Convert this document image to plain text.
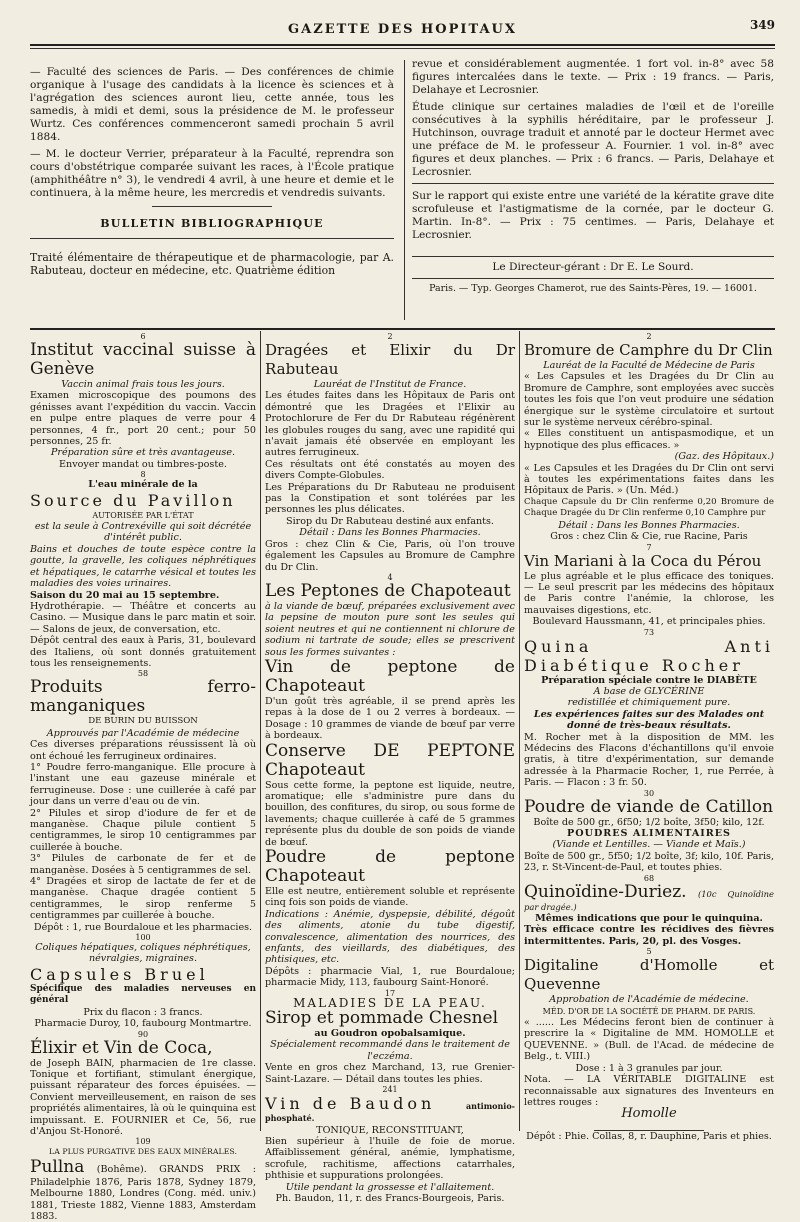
GAZETTE DES HOPITAUX	349

— Faculté des sciences de Paris. — Des conférences de chimie organique à l'usage des candidats à la licence ès sciences et à l'agrégation des sciences auront lieu, cette année, tous les samedis, à midi et demi, sous la présidence de M. le professeur Wurtz. Ces conférences commenceront samedi prochain 5 avril 1884.

— M. le docteur Verrier, préparateur à la Faculté, reprendra son cours d'obstétrique comparée suivant les races, à l'École pratique (amphithéâtre n° 3), le vendredi 4 avril, à une heure et demie et le continuera, à la même heure, les mercredis et vendredis suivants.

BULLETIN BIBLIOGRAPHIQUE

Traité élémentaire de thérapeutique et de pharmacologie, par A. Rabuteau, docteur en médecine, etc. Quatrième édition

revue et considérablement augmentée. 1 fort vol. in-8° avec 58 figures intercalées dans le texte. — Prix : 19 francs. — Paris, Delahaye et Lecrosnier.

Étude clinique sur certaines maladies de l'œil et de l'oreille consécutives à la syphilis héréditaire, par le professeur J. Hutchinson, ouvrage traduit et annoté par le docteur Hermet avec une préface de M. le professeur A. Fournier. 1 vol. in-8° avec figures et deux planches. — Prix : 6 francs. — Paris, Delahaye et Lecrosnier.

Sur le rapport qui existe entre une variété de la kératite grave dite scrofuleuse et l'astigmatisme de la cornée, par le docteur G. Martin. In-8°. — Prix : 75 centimes. — Paris, Delahaye et Lecrosnier.

Le Directeur-gérant : Dr E. Le Sourd.
Paris. — Typ. Georges Chamerot, rue des Saints-Pères, 19. — 16001.
6
Institut vaccinal suisse à Genève
Vaccin animal frais tous les jours.

Examen microscopique des poumons des génisses avant l'expédition du vaccin. Vaccin en pulpe entre plaques de verre pour 4 personnes, 4 fr., port 20 cent.; pour 50 personnes, 25 fr.

Préparation sûre et très avantageuse.
Envoyer mandat ou timbres-poste.
8
L'eau minérale de la
Source du Pavillon
AUTORISÉE PAR L'ÉTAT
est la seule à Contrexéville qui soit décrétée d'intérêt public.

Bains et douches de toute espèce contre la goutte, la gravelle, les coliques néphrétiques et hépatiques, le catarrhe vésical et toutes les maladies des voies urinaires.

Saison du 20 mai au 15 septembre.

Hydrothérapie. — Théâtre et concerts au Casino. — Musique dans le parc matin et soir. — Salons de jeux, de conversation, etc.

Dépôt central des eaux à Paris, 31, boulevard des Italiens, où sont donnés gratuitement tous les renseignements.

58
Produits ferro-manganiques
DE BURIN DU BUISSON
Approuvés par l'Académie de médecine

Ces diverses préparations réussissent là où ont échoué les ferrugineux ordinaires.

1° Poudre ferro-manganique. Elle procure à l'instant une eau gazeuse minérale et ferrugineuse. Dose : une cuillerée à café par jour dans un verre d'eau ou de vin.

2° Pilules et sirop d'iodure de fer et de manganèse. Chaque pilule contient 5 centigrammes, le sirop 10 centigrammes par cuillerée à bouche.

3° Pilules de carbonate de fer et de manganèse. Dosées à 5 centigrammes de sel.

4° Dragées et sirop de lactate de fer et de manganèse. Chaque dragée contient 5 centigrammes, le sirop renferme 5 centigrammes par cuillerée à bouche.

Dépôt : 1, rue Bourdaloue et les pharmacies.
100
Coliques hépatiques, coliques néphrétiques, névralgies, migraines.
Capsules Bruel
Spécifique des maladies nerveuses en général
Prix du flacon : 3 francs.
Pharmacie Duroy, 10, faubourg Montmartre.
90
Élixir et Vin de Coca,

de Joseph BAIN, pharmacien de 1re classe. Tonique et fortifiant, stimulant énergique, puissant réparateur des forces épuisées. — Convient merveilleusement, en raison de ses propriétés alimentaires, là où le quinquina est impuissant. E. FOURNIER et Ce, 56, rue d'Anjou St-Honoré.

109
LA PLUS PURGATIVE DES EAUX MINÉRALES.
Pullna (Bohême). GRANDS PRIX : Philadelphie 1876, Paris 1878, Sydney 1879, Melbourne 1880, Londres (Cong. méd. univ.) 1881, Trieste 1882, Vienne 1883, Amsterdam 1883.
2
Dragées et Elixir du Dr Rabuteau
Lauréat de l'Institut de France.

Les études faites dans les Hôpitaux de Paris ont démontré que les Dragées et l'Elixir au Protochlorure de Fer du Dr Rabuteau régénèrent les globules rouges du sang, avec une rapidité qui n'avait jamais été observée en employant les autres ferrugineux.

Ces résultats ont été constatés au moyen des divers Compte-Globules.

Les Préparations du Dr Rabuteau ne produisent pas la Constipation et sont tolérées par les personnes les plus délicates.

Sirop du Dr Rabuteau destiné aux enfants.
Détail : Dans les Bonnes Pharmacies.

Gros : chez Clin & Cie, Paris, où l'on trouve également les Capsules au Bromure de Camphre du Dr Clin.

4
Les Peptones de Chapoteaut

à la viande de bœuf, préparées exclusivement avec la pepsine de mouton pure sont les seules qui soient neutres et qui ne contiennent ni chlorure de sodium ni tartrate de soude; elles se prescrivent sous les formes suivantes :

Vin de peptone de Chapoteaut

D'un goût très agréable, il se prend après les repas à la dose de 1 ou 2 verres à bordeaux. — Dosage : 10 grammes de viande de bœuf par verre à bordeaux.

Conserve DE PEPTONE Chapoteaut

Sous cette forme, la peptone est liquide, neutre, aromatique; elle s'administre pure dans du bouillon, des confitures, du sirop, ou sous forme de lavements; chaque cuillerée à café de 5 grammes représente plus du double de son poids de viande de bœuf.

Poudre de peptone Chapoteaut

Elle est neutre, entièrement soluble et représente cinq fois son poids de viande.

Indications : Anémie, dyspepsie, débilité, dégoût des aliments, atonie du tube digestif, convalescence, alimentation des nourrices, des enfants, des vieillards, des diabétiques, des phtisiques, etc.

Dépôts : pharmacie Vial, 1, rue Bourdaloue; pharmacie Midy, 113, faubourg Saint-Honoré.

17
MALADIES DE LA PEAU.
Sirop et pommade Chesnel
au Goudron opobalsamique.
Spécialement recommandé dans le traitement de l'eczéma.

Vente en gros chez Marchand, 13, rue Grenier-Saint-Lazare. — Détail dans toutes les phies.

241
Vin de Baudon	antimonio-phosphaté.
TONIQUE, RECONSTITUANT,

Bien supérieur à l'huile de foie de morue. Affaiblissement général, anémie, lymphatisme, scrofule, rachitisme, affections catarrhales, phthisie et suppurations prolongées.

Utile pendant la grossesse et l'allaitement.
Ph. Baudon, 11, r. des Francs-Bourgeois, Paris.
2
Bromure de Camphre du Dr Clin
Lauréat de la Faculté de Médecine de Paris

« Les Capsules et les Dragées du Dr Clin au Bromure de Camphre, sont employées avec succès toutes les fois que l'on veut produire une sédation énergique sur le système circulatoire et surtout sur le système nerveux cérébro-spinal.

« Elles constituent un antispasmodique, et un hypnotique des plus efficaces. »

(Gaz. des Hôpitaux.)

« Les Capsules et les Dragées du Dr Clin ont servi à toutes les expérimentations faites dans les Hôpitaux de Paris. » (Un. Méd.)

Chaque Capsule du Dr Clin renferme 0,20 Bromure de Chaque Dragée du Dr Clin renferme 0,10 Camphre pur

Détail : Dans les Bonnes Pharmacies.
Gros : chez Clin & Cie, rue Racine, Paris
7
Vin Mariani à la Coca du Pérou

Le plus agréable et le plus efficace des toniques. — Le seul prescrit par les médecins des hôpitaux de Paris contre l'anémie, la chlorose, les mauvaises digestions, etc.

Boulevard Haussmann, 41, et principales phies.
73
Quina Anti Diabétique Rocher
Préparation spéciale contre le DIABÈTE
A base de GLYCÉRINE
redistillée et chimiquement pure.
Les expériences faites sur des Malades ont donné de très-beaux résultats.

M. Rocher met à la disposition de MM. les Médecins des Flacons d'échantillons qu'il envoie gratis, à titre d'expérimentation, sur demande adressée à la Pharmacie Rocher, 1, rue Perrée, à Paris. — Flacon : 3 fr. 50.

30
Poudre de viande de Catillon
Boîte de 500 gr., 6f50; 1/2 boîte, 3f50; kilo, 12f.
POUDRES ALIMENTAIRES
(Viande et Lentilles. — Viande et Maïs.)

Boîte de 500 gr., 5f50; 1/2 boîte, 3f; kilo, 10f. Paris, 23, r. St-Vincent-de-Paul, et toutes phies.

68
Quinoïdine-Duriez. (10c Quinoïdine par dragée.)
Mêmes indications que pour le quinquina.

Très efficace contre les récidives des fièvres intermittentes. Paris, 20, pl. des Vosges.

5
Digitaline d'Homolle et Quevenne
Approbation de l'Académie de médecine.
MÉD. D'OR DE LA SOCIÉTÉ DE PHARM. DE PARIS.

« ...... Les Médecins feront bien de continuer à prescrire la « Digitaline de MM. HOMOLLE et QUEVENNE. » (Bull. de l'Acad. de médecine de Belg., t. VIII.)

Dose : 1 à 3 granules par jour.

Nota. — LA VÉRITABLE DIGITALINE est reconnaissable aux signatures des Inventeurs en lettres rouges :

Homolle
Dépôt : Phie. Collas, 8, r. Dauphine, Paris et phies.
